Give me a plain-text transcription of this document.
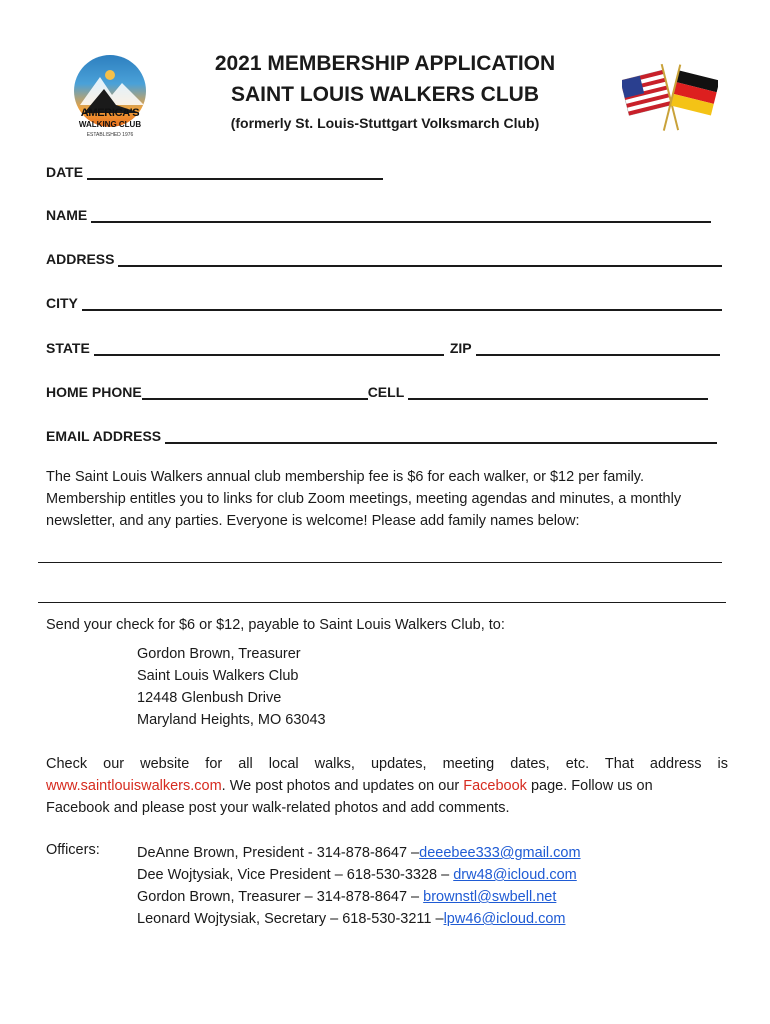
AMERICA'S
WALKING CLUB
ESTABLISHED 1976
2021 MEMBERSHIP APPLICATION
SAINT LOUIS WALKERS CLUB
(formerly St. Louis-Stuttgart Volksmarch Club)
DATE
NAME
ADDRESS
CITY
STATE	ZIP
HOME PHONE	CELL
EMAIL ADDRESS
The Saint Louis Walkers annual club membership fee is $6 for each walker, or $12 per family. Membership entitles you to links for club Zoom meetings, meeting agendas and minutes, a monthly newsletter, and any parties. Everyone is welcome! Please add family names below:
Send your check for $6 or $12, payable to Saint Louis Walkers Club, to:
Gordon Brown, Treasurer
Saint Louis Walkers Club
12448 Glenbush Drive
Maryland Heights, MO 63043
Check our website for all local walks, updates, meeting dates, etc. That address is
www.saintlouiswalkers.com. We post photos and updates on our Facebook page. Follow us on
Facebook and please post your walk-related photos and add comments.
Officers:	DeAnne Brown, President - 314-878-8647 –deeebee333@gmail.com
Dee Wojtysiak, Vice President – 618-530-3328 – drw48@icloud.com
Gordon Brown, Treasurer – 314-878-8647 – brownstl@swbell.net
Leonard Wojtysiak, Secretary – 618-530-3211 –lpw46@icloud.com
